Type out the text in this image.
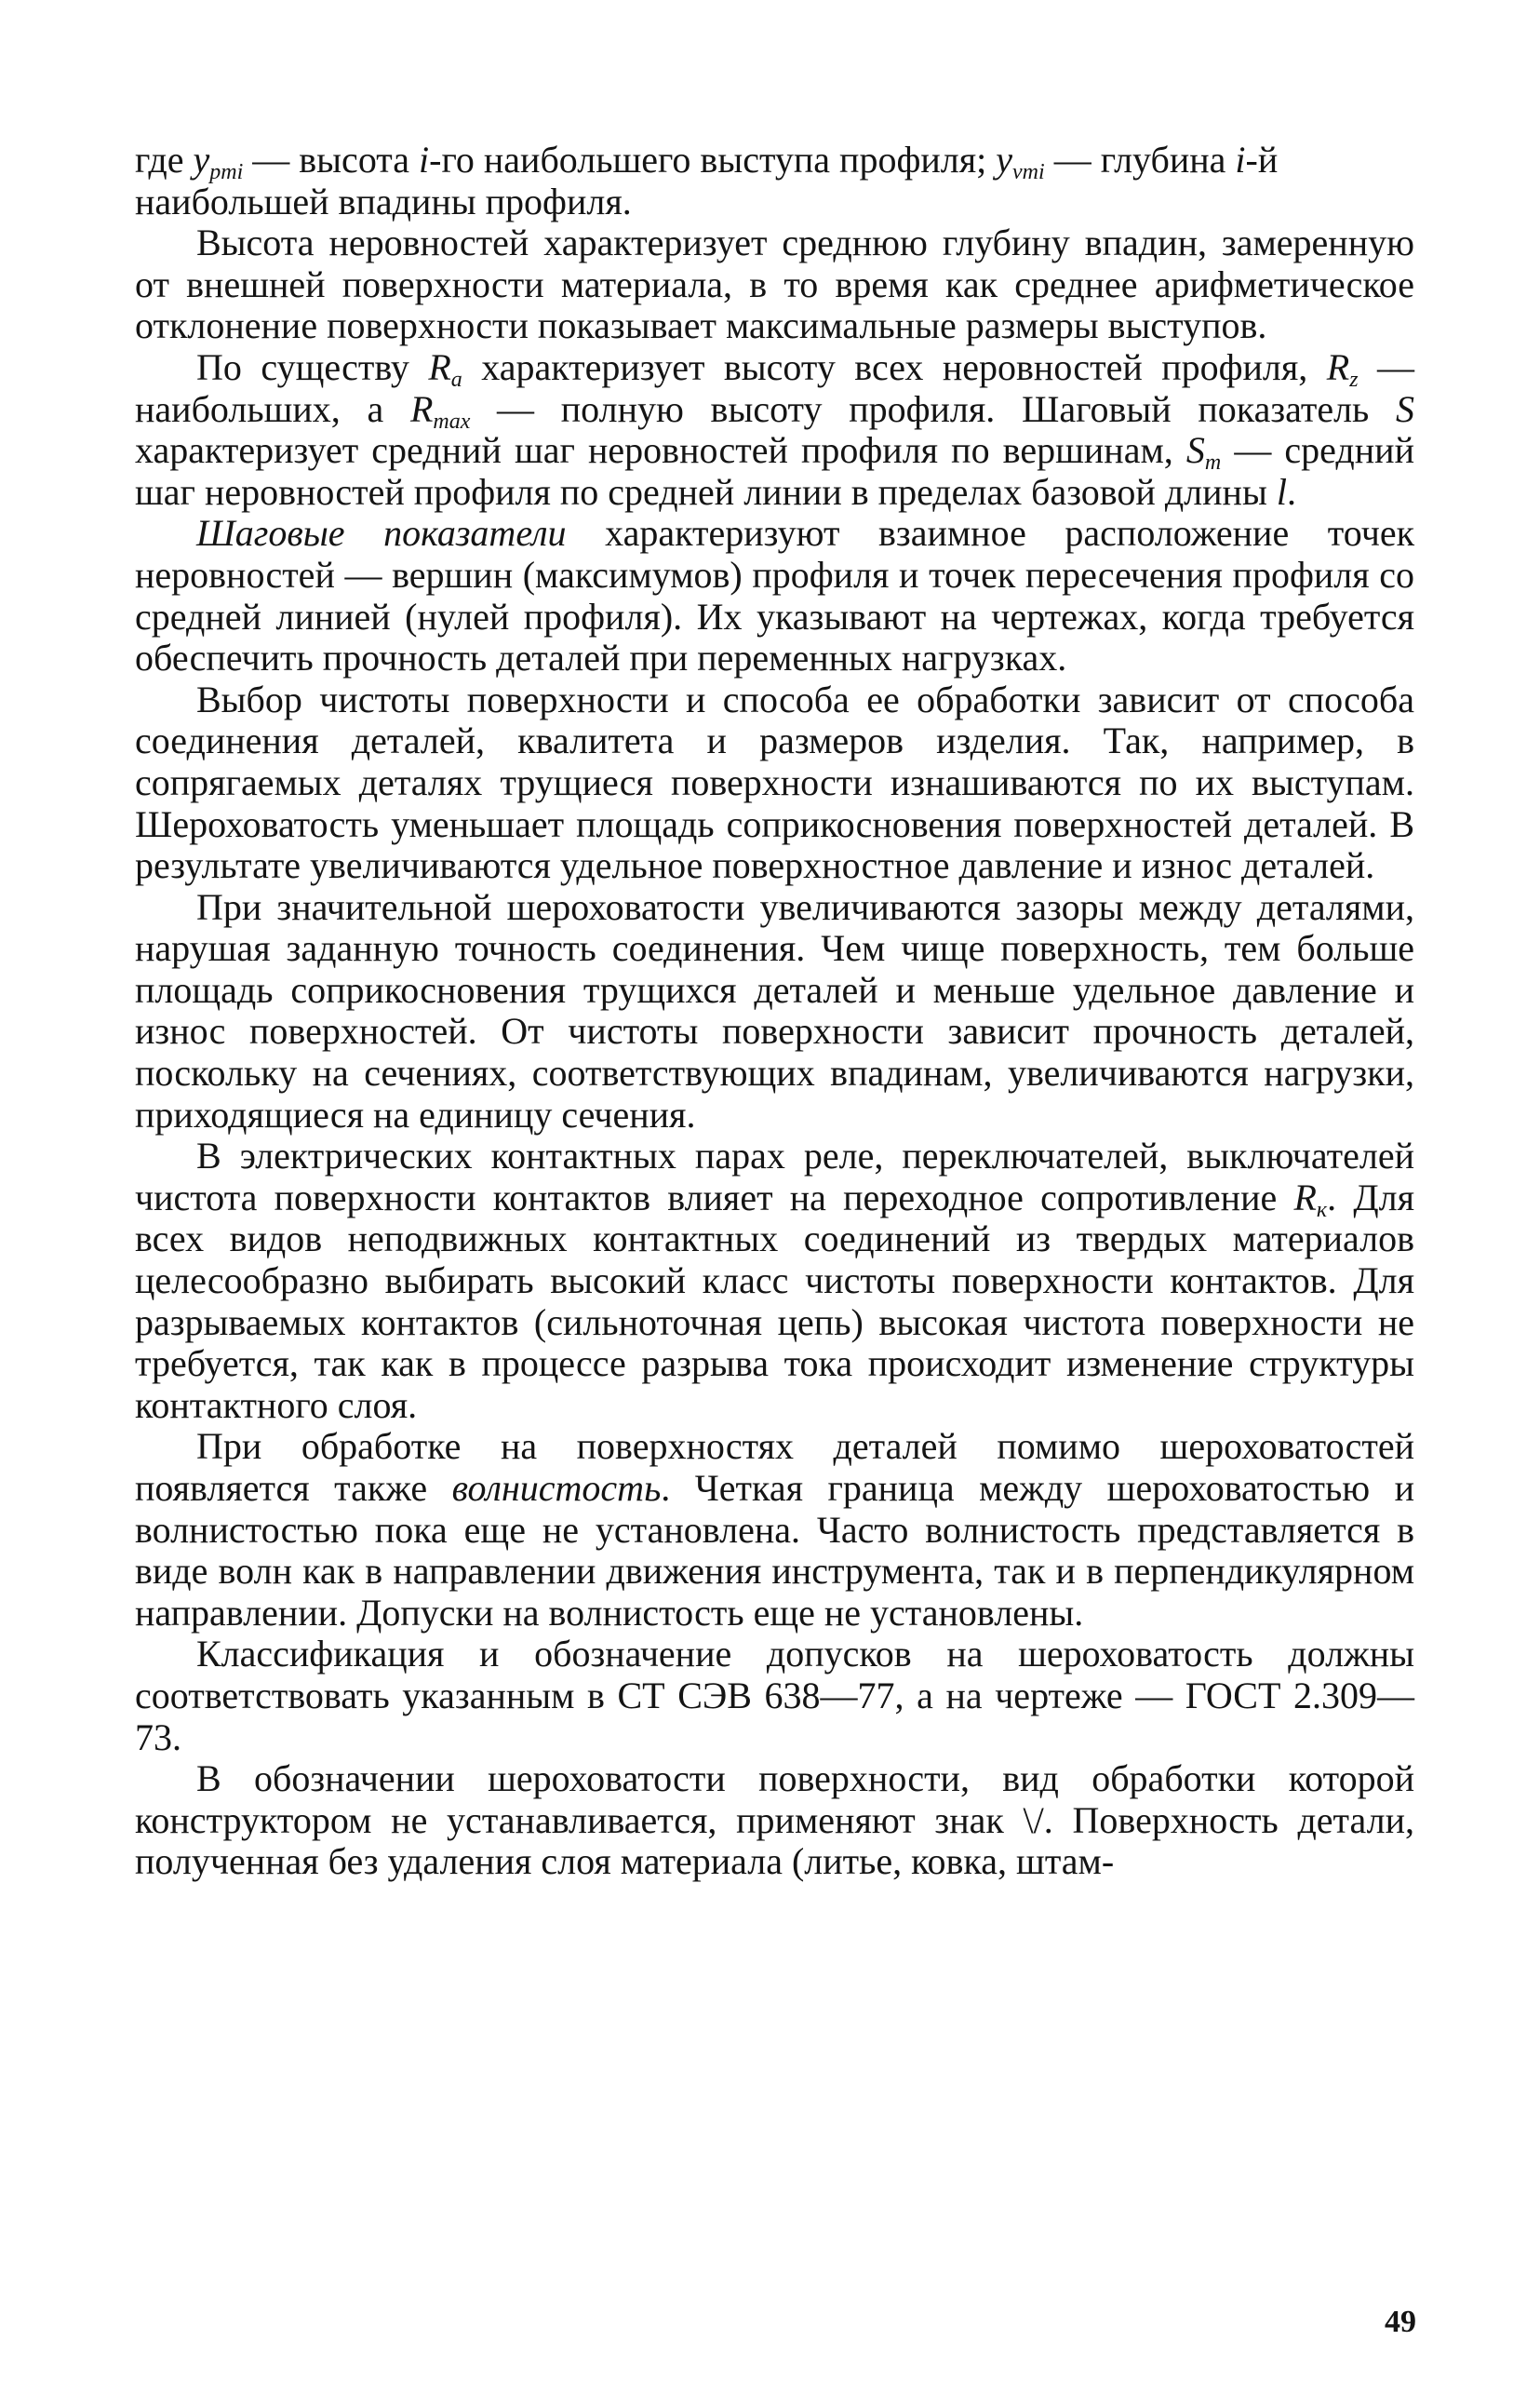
где $y_{pmi}$ — высота i-го наибольшего выступа профиля; $y_{vmi}$ — глубина i-й наибольшей впадины профиля.

Высота неровностей характеризует среднюю глубину впадин, замеренную от внешней поверхности материала, в то время как среднее арифметическое отклонение поверхности показывает максимальные размеры выступов.

По существу $R_a$ характеризует высоту всех неровностей профиля, $R_z$ — наибольших, а $R_{max}$ — полную высоту профиля. Шаговый показатель S характеризует средний шаг неровностей профиля по вершинам, $S_m$ — средний шаг неровностей профиля по средней линии в пределах базовой длины l.

Шаговые показатели характеризуют взаимное расположение точек неровностей — вершин (максимумов) профиля и точек пересечения профиля со средней линией (нулей профиля). Их указывают на чертежах, когда требуется обеспечить прочность деталей при переменных нагрузках.

Выбор чистоты поверхности и способа ее обработки зависит от способа соединения деталей, квалитета и размеров изделия. Так, например, в сопрягаемых деталях трущиеся поверхности изнашиваются по их выступам. Шероховатость уменьшает площадь соприкосновения поверхностей деталей. В результате увеличиваются удельное поверхностное давление и износ деталей.

При значительной шероховатости увеличиваются зазоры между деталями, нарушая заданную точность соединения. Чем чище поверхность, тем больше площадь соприкосновения трущихся деталей и меньше удельное давление и износ поверхностей. От чистоты поверхности зависит прочность деталей, поскольку на сечениях, соответствующих впадинам, увеличиваются нагрузки, приходящиеся на единицу сечения.

В электрических контактных парах реле, переключателей, выключателей чистота поверхности контактов влияет на переходное сопротивление $R_к$. Для всех видов неподвижных контактных соединений из твердых материалов целесообразно выбирать высокий класс чистоты поверхности контактов. Для разрываемых контактов (сильноточная цепь) высокая чистота поверхности не требуется, так как в процессе разрыва тока происходит изменение структуры контактного слоя.

При обработке на поверхностях деталей помимо шероховатостей появляется также волнистость. Четкая граница между шероховатостью и волнистостью пока еще не установлена. Часто волнистость представляется в виде волн как в направлении движения инструмента, так и в перпендикулярном направлении. Допуски на волнистость еще не установлены.

Классификация и обозначение допусков на шероховатость должны соответствовать указанным в СТ СЭВ 638—77, а на чертеже — ГОСТ 2.309—73.

В обозначении шероховатости поверхности, вид обработки которой конструктором не устанавливается, применяют знак \/. Поверхность детали, полученная без удаления слоя материала (литье, ковка, штам-

49
